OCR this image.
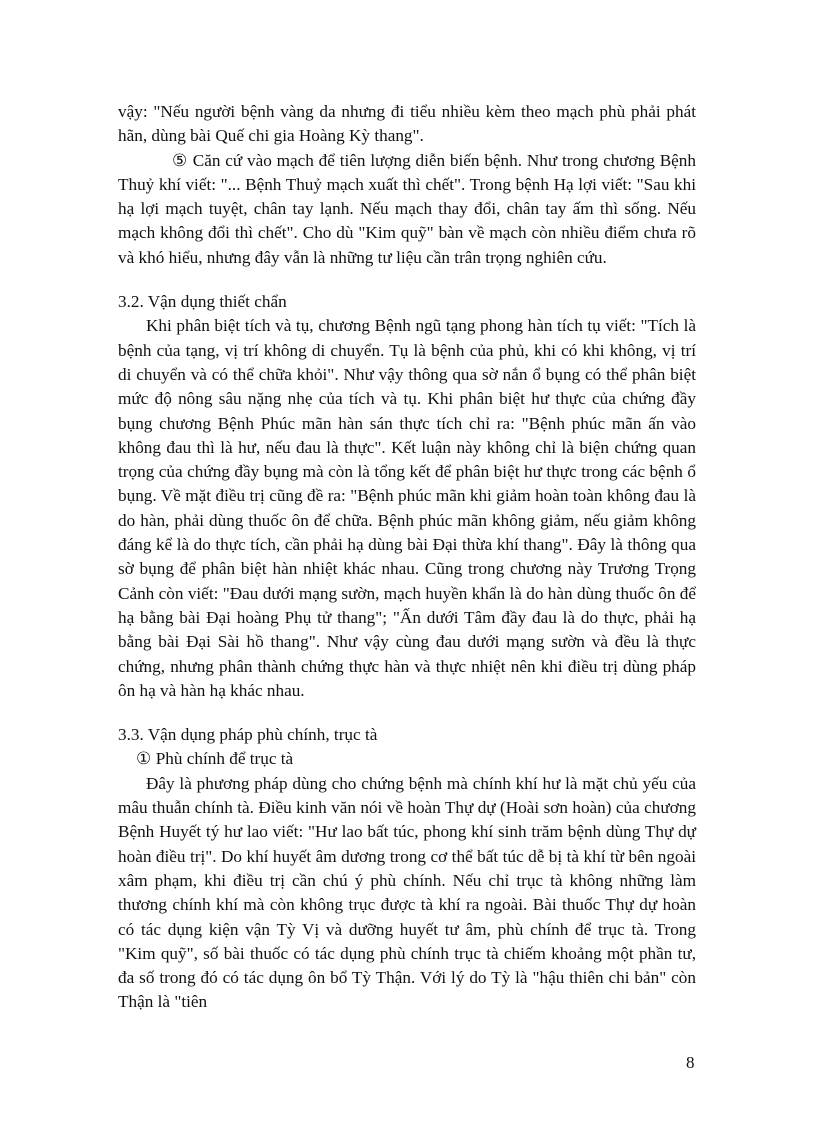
vậy: "Nếu người bệnh vàng da nhưng đi tiểu nhiều kèm theo mạch phù phải phát hãn, dùng bài Quế chi gia Hoàng Kỳ thang".

⑤ Căn cứ vào mạch để tiên lượng diễn biến bệnh. Như trong chương Bệnh Thuỷ khí viết: "... Bệnh Thuỷ mạch xuất thì chết". Trong bệnh Hạ lợi viết: "Sau khi hạ lợi mạch tuyệt, chân tay lạnh. Nếu mạch thay đổi, chân tay ấm thì sống. Nếu mạch không đổi thì chết". Cho dù "Kim quỹ" bàn về mạch còn nhiều điểm chưa rõ và khó hiểu, nhưng đây vẫn là những tư liệu cần trân trọng nghiên cứu.

3.2. Vận dụng thiết chẩn

Khi phân biệt tích và tụ, chương Bệnh ngũ tạng phong hàn tích tụ viết: "Tích là bệnh của tạng, vị trí không di chuyển. Tụ là bệnh của phủ, khi có khi không, vị trí di chuyển và có thể chữa khỏi". Như vậy thông qua sờ nắn ổ bụng có thể phân biệt mức độ nông sâu nặng nhẹ của tích và tụ. Khi phân biệt hư thực của chứng đầy bụng chương Bệnh Phúc mãn hàn sán thực tích chỉ ra: "Bệnh phúc mãn ấn vào không đau thì là hư, nếu đau là thực". Kết luận này không chỉ là biện chứng quan trọng của chứng đầy bụng mà còn là tổng kết để phân biệt hư thực trong các bệnh ổ bụng. Về mặt điều trị cũng đề ra: "Bệnh phúc mãn khi giảm hoàn toàn không đau là do hàn, phải dùng thuốc ôn để chữa. Bệnh phúc mãn không giảm, nếu giảm không đáng kể là do thực tích, cần phải hạ dùng bài Đại thừa khí thang". Đây là thông qua sờ bụng để phân biệt hàn nhiệt khác nhau. Cũng trong chương này Trương Trọng Cảnh còn viết: "Đau dưới mạng sườn, mạch huyền khẩn là do hàn dùng thuốc ôn để hạ bằng bài Đại hoàng Phụ tử thang"; "Ấn dưới Tâm đầy đau là do thực, phải hạ bằng bài Đại Sài hồ thang". Như vậy cùng đau dưới mạng sườn và đều là thực chứng, nhưng phân thành chứng thực hàn và thực nhiệt nên khi điều trị dùng pháp ôn hạ và hàn hạ khác nhau.

3.3. Vận dụng pháp phù chính, trục tà

① Phù chính để trục tà

Đây là phương pháp dùng cho chứng bệnh mà chính khí hư là mặt chủ yếu của mâu thuẫn chính tà. Điều kinh văn nói về hoàn Thự dự (Hoài sơn hoàn) của chương Bệnh Huyết tý hư lao viết: "Hư lao bất túc, phong khí sinh trăm bệnh dùng Thự dự hoàn điều trị". Do khí huyết âm dương trong cơ thể bất túc dễ bị tà khí từ bên ngoài xâm phạm, khi điều trị cần chú ý phù chính. Nếu chỉ trục tà không những làm thương chính khí mà còn không trục được tà khí ra ngoài. Bài thuốc Thự dự hoàn có tác dụng kiện vận Tỳ Vị và dưỡng huyết tư âm, phù chính để trục tà. Trong "Kim quỹ", số bài thuốc có tác dụng phù chính trục tà chiếm khoảng một phần tư, đa số trong đó có tác dụng ôn bổ Tỳ Thận. Với lý do Tỳ là "hậu thiên chi bản" còn Thận là "tiên

8
